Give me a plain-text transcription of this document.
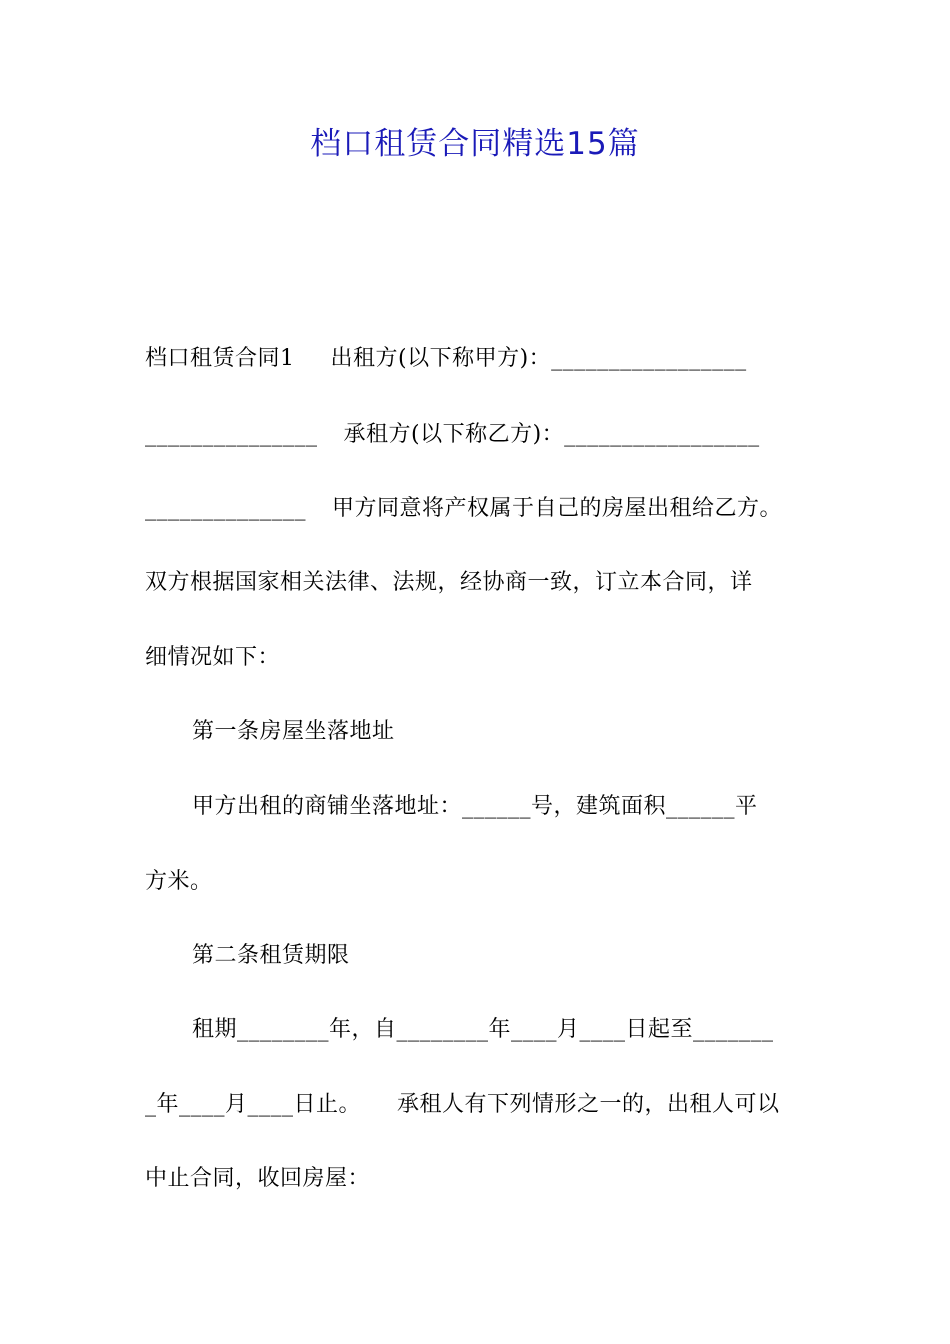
档口租赁合同精选15篇
档口租赁合同1 出租方(以下称甲方)：_________________
_______________ 承租方(以下称乙方)：_________________
______________ 甲方同意将产权属于自己的房屋出租给乙方。
双方根据国家相关法律、法规，经协商一致，订立本合同，详
细情况如下：
第一条房屋坐落地址
甲方出租的商铺坐落地址：______号，建筑面积______平
方米。
第二条租赁期限
租期________年，自________年____月____日起至_______
_年____月____日止。 承租人有下列情形之一的，出租人可以
中止合同，收回房屋：
